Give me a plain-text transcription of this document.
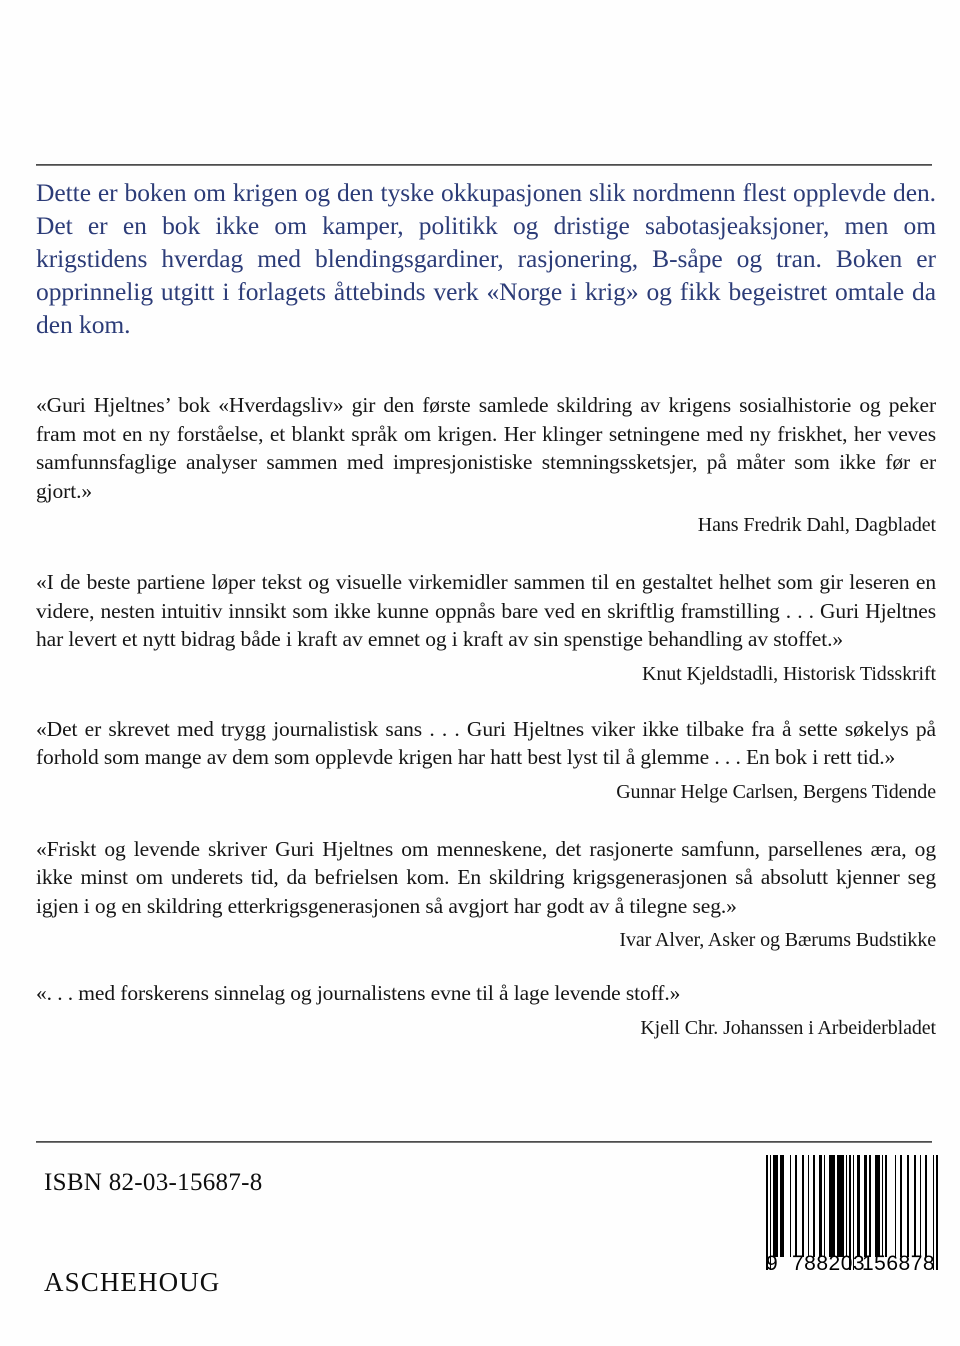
Dette er boken om krigen og den tyske okkupasjonen slik nordmenn flest opplevde den. Det er en bok ikke om kamper, politikk og dristige sabotasjeaksjoner, men om krigstidens hverdag med blendingsgardiner, rasjonering, B-såpe og tran. Boken er opprinnelig utgitt i forlagets åttebinds verk «Norge i krig» og fikk begeistret omtale da den kom.

«Guri Hjeltnes’ bok «Hverdagsliv» gir den første samlede skildring av krigens sosialhistorie og peker fram mot en ny forståelse, et blankt språk om krigen. Her klinger setningene med ny friskhet, her veves samfunnsfaglige analyser sammen med impresjonistiske stemningssketsjer, på måter som ikke før er gjort.»

Hans Fredrik Dahl, Dagbladet

«I de beste partiene løper tekst og visuelle virkemidler sammen til en gestaltet helhet som gir leseren en videre, nesten intuitiv innsikt som ikke kunne oppnås bare ved en skriftlig framstilling . . . Guri Hjeltnes har levert et nytt bidrag både i kraft av emnet og i kraft av sin spenstige behandling av stoffet.»

Knut Kjeldstadli, Historisk Tidsskrift

«Det er skrevet med trygg journalistisk sans . . . Guri Hjeltnes viker ikke tilbake fra å sette søkelys på forhold som mange av dem som opplevde krigen har hatt best lyst til å glemme . . . En bok i rett tid.»

Gunnar Helge Carlsen, Bergens Tidende

«Friskt og levende skriver Guri Hjeltnes om menneskene, det rasjonerte samfunn, parsellenes æra, og ikke minst om underets tid, da befrielsen kom. En skildring krigsgenerasjonen så absolutt kjenner seg igjen i og en skildring etterkrigsgenerasjonen så avgjort har godt av å tilegne seg.»

Ivar Alver, Asker og Bærums Budstikke

«. . . med forskerens sinnelag og journalistens evne til å lage levende stoff.»

Kjell Chr. Johanssen i Arbeiderbladet

ISBN 82-03-15687-8
ASCHEHOUG
9 788203
156878
